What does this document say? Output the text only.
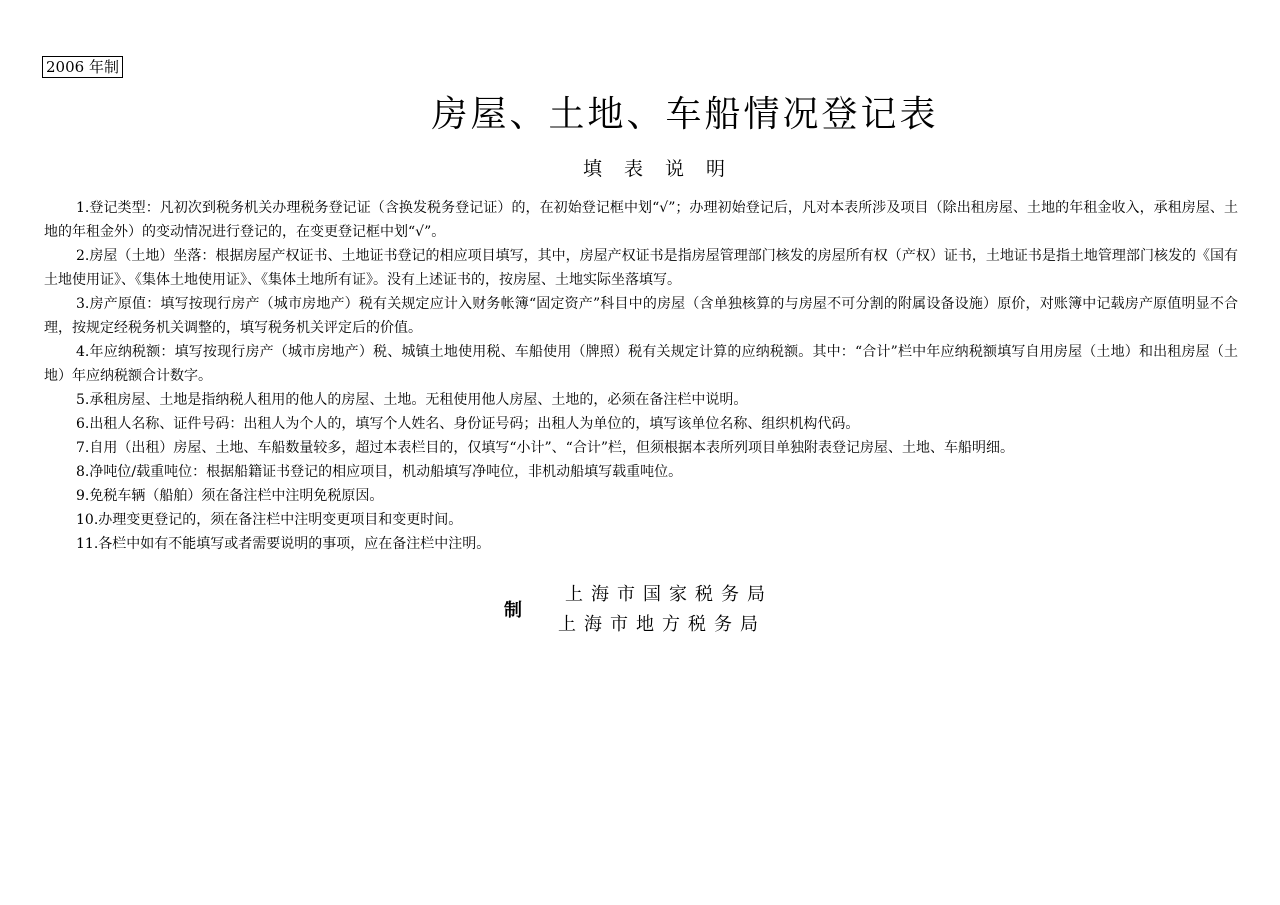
2006 年制
房屋、土地、车船情况登记表
填表说明

1.登记类型：凡初次到税务机关办理税务登记证（含换发税务登记证）的，在初始登记框中划“√”；办理初始登记后，凡对本表所涉及项目（除出租房屋、土地的年租金收入，承租房屋、土地的年租金外）的变动情况进行登记的，在变更登记框中划“√”。

2.房屋（土地）坐落：根据房屋产权证书、土地证书登记的相应项目填写，其中，房屋产权证书是指房屋管理部门核发的房屋所有权（产权）证书，土地证书是指土地管理部门核发的《国有土地使用证》、《集体土地使用证》、《集体土地所有证》。没有上述证书的，按房屋、土地实际坐落填写。

3.房产原值：填写按现行房产（城市房地产）税有关规定应计入财务帐簿“固定资产”科目中的房屋（含单独核算的与房屋不可分割的附属设备设施）原价，对账簿中记载房产原值明显不合理，按规定经税务机关调整的，填写税务机关评定后的价值。

4.年应纳税额：填写按现行房产（城市房地产）税、城镇土地使用税、车船使用（牌照）税有关规定计算的应纳税额。其中：“合计”栏中年应纳税额填写自用房屋（土地）和出租房屋（土地）年应纳税额合计数字。

5.承租房屋、土地是指纳税人租用的他人的房屋、土地。无租使用他人房屋、土地的，必须在备注栏中说明。

6.出租人名称、证件号码：出租人为个人的，填写个人姓名、身份证号码；出租人为单位的，填写该单位名称、组织机构代码。

7.自用（出租）房屋、土地、车船数量较多，超过本表栏目的，仅填写“小计”、“合计”栏，但须根据本表所列项目单独附表登记房屋、土地、车船明细。

8.净吨位/载重吨位：根据船籍证书登记的相应项目，机动船填写净吨位，非机动船填写载重吨位。

9.免税车辆（船舶）须在备注栏中注明免税原因。

10.办理变更登记的，须在备注栏中注明变更项目和变更时间。

11.各栏中如有不能填写或者需要说明的事项，应在备注栏中注明。

制
上海市国家税务局
上海市地方税务局
